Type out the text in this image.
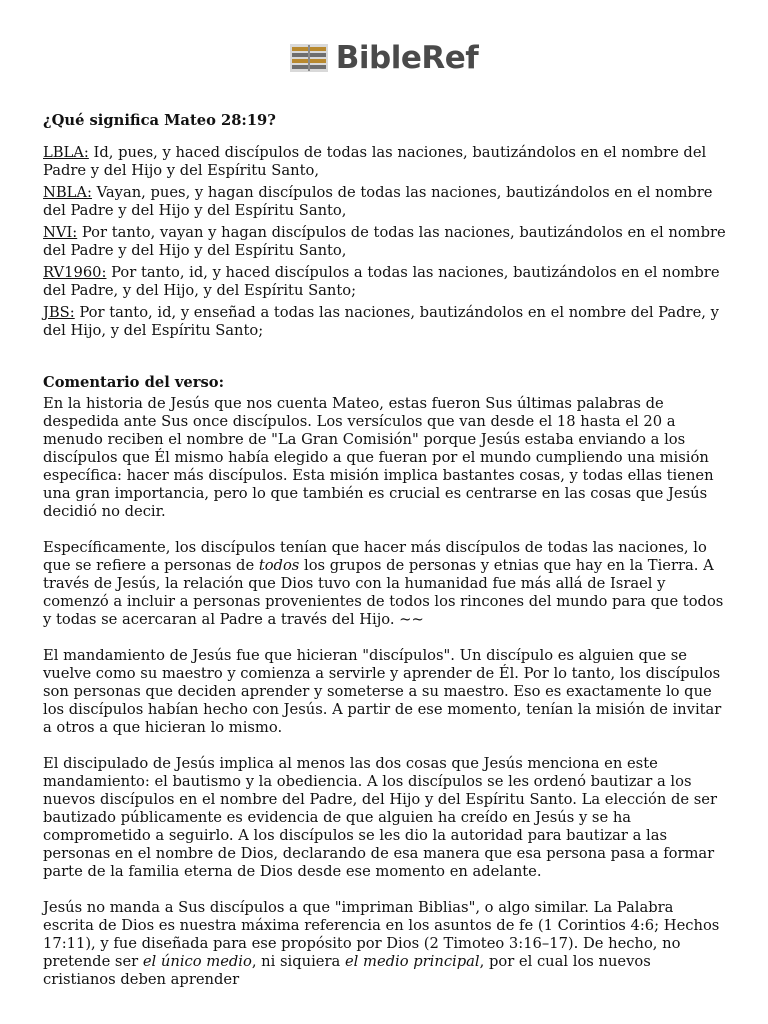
BibleRef
¿Qué significa Mateo 28:19?
LBLA: Id, pues, y haced discípulos de todas las naciones, bautizándolos en el nombre del Padre y del Hijo y del Espíritu Santo,
NBLA: Vayan, pues, y hagan discípulos de todas las naciones, bautizándolos en el nombre del Padre y del Hijo y del Espíritu Santo,
NVI: Por tanto, vayan y hagan discípulos de todas las naciones, bautizándolos en el nombre del Padre y del Hijo y del Espíritu Santo,
RV1960: Por tanto, id, y haced discípulos a todas las naciones, bautizándolos en el nombre del Padre, y del Hijo, y del Espíritu Santo;
JBS: Por tanto, id, y enseñad a todas las naciones, bautizándolos en el nombre del Padre, y del Hijo, y del Espíritu Santo;
Comentario del verso:

En la historia de Jesús que nos cuenta Mateo, estas fueron Sus últimas palabras de despedida ante Sus once discípulos. Los versículos que van desde el 18 hasta el 20 a menudo reciben el nombre de "La Gran Comisión" porque Jesús estaba enviando a los discípulos que Él mismo había elegido a que fueran por el mundo cumpliendo una misión específica: hacer más discípulos. Esta misión implica bastantes cosas, y todas ellas tienen una gran importancia, pero lo que también es crucial es centrarse en las cosas que Jesús decidió no decir.

Específicamente, los discípulos tenían que hacer más discípulos de todas las naciones, lo que se refiere a personas de todos los grupos de personas y etnias que hay en la Tierra. A través de Jesús, la relación que Dios tuvo con la humanidad fue más allá de Israel y comenzó a incluir a personas provenientes de todos los rincones del mundo para que todos y todas se acercaran al Padre a través del Hijo. ~~

El mandamiento de Jesús fue que hicieran "discípulos". Un discípulo es alguien que se vuelve como su maestro y comienza a servirle y aprender de Él. Por lo tanto, los discípulos son personas que deciden aprender y someterse a su maestro. Eso es exactamente lo que los discípulos habían hecho con Jesús. A partir de ese momento, tenían la misión de invitar a otros a que hicieran lo mismo.

El discipulado de Jesús implica al menos las dos cosas que Jesús menciona en este mandamiento: el bautismo y la obediencia. A los discípulos se les ordenó bautizar a los nuevos discípulos en el nombre del Padre, del Hijo y del Espíritu Santo. La elección de ser bautizado públicamente es evidencia de que alguien ha creído en Jesús y se ha comprometido a seguirlo. A los discípulos se les dio la autoridad para bautizar a las personas en el nombre de Dios, declarando de esa manera que esa persona pasa a formar parte de la familia eterna de Dios desde ese momento en adelante.

Jesús no manda a Sus discípulos a que "impriman Biblias", o algo similar. La Palabra escrita de Dios es nuestra máxima referencia en los asuntos de fe (1 Corintios 4:6; Hechos 17:11), y fue diseñada para ese propósito por Dios (2 Timoteo 3:16–17). De hecho, no pretende ser el único medio, ni siquiera el medio principal, por el cual los nuevos cristianos deben aprender
